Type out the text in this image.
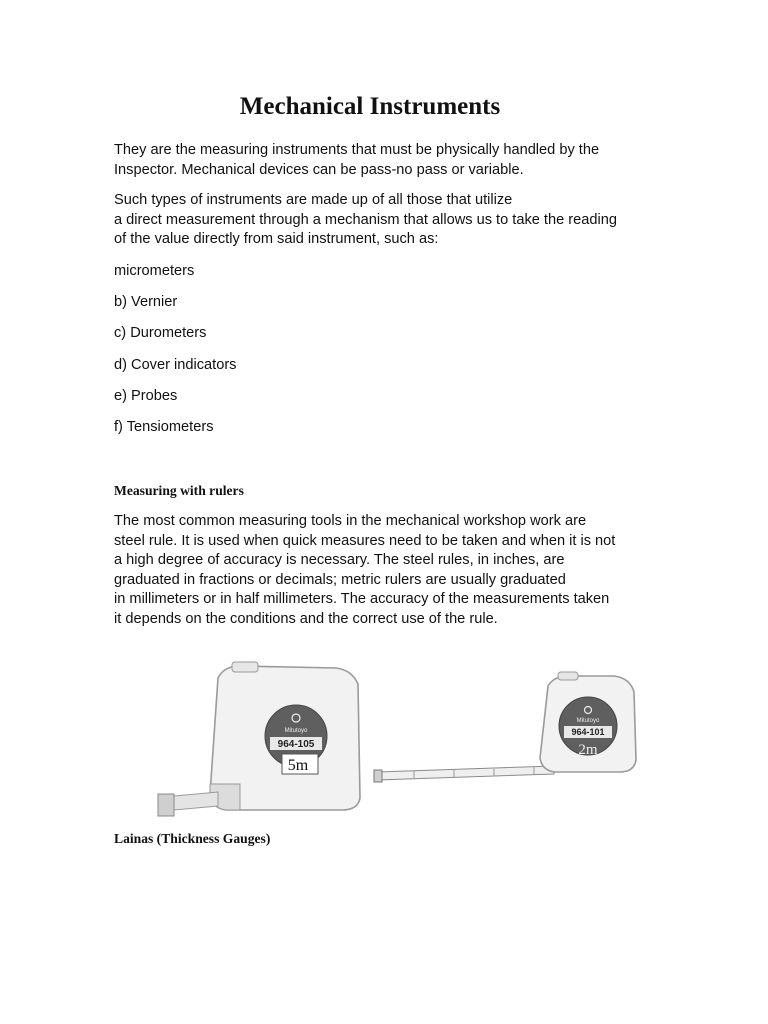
Mechanical Instruments

They are the measuring instruments that must be physically handled by the
Inspector. Mechanical devices can be pass-no pass or variable.

Such types of instruments are made up of all those that utilize
a direct measurement through a mechanism that allows us to take the reading
of the value directly from said instrument, such as:

micrometers

b) Vernier

c) Durometers

d) Cover indicators

e) Probes

f) Tensiometers

Measuring with rulers

The most common measuring tools in the mechanical workshop work are
steel rule. It is used when quick measures need to be taken and when it is not
a high degree of accuracy is necessary. The steel rules, in inches, are
graduated in fractions or decimals; metric rulers are usually graduated
in millimeters or in half millimeters. The accuracy of the measurements taken
it depends on the conditions and the correct use of the rule.

Mitutoyo
964-105
5m
Mitutoyo
964-101
2m
Lainas (Thickness Gauges)
